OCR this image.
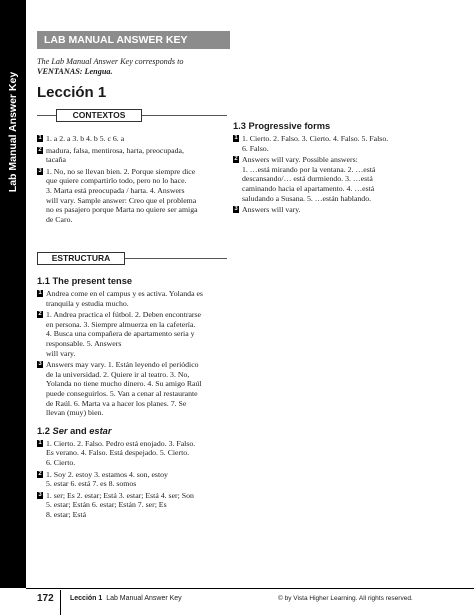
Lab Manual Answer Key
LAB MANUAL ANSWER KEY
The Lab Manual Answer Key corresponds to
VENTANAS: Lengua.
Lección 1
CONTEXTOS
1 1. a 2. a 3. b 4. b 5. c 6. a
2 madura, falsa, mentirosa, harta, preocupada,
tacaña
3 1. No, no se llevan bien. 2. Porque siempre dice
que quiere compartirlo todo, pero no lo hace.
3. Marta está preocupada / harta. 4. Answers
will vary. Sample answer: Creo que el problema
no es pasajero porque Marta no quiere ser amiga
de Caro.
ESTRUCTURA
1.1 The present tense
1 Andrea come en el campus y es activa. Yolanda es
tranquila y estudia mucho.
2 1. Andrea practica el fútbol. 2. Deben encontrarse
en persona. 3. Siempre almuerza en la cafetería.
4. Busca una compañera de apartamento seria y
responsable. 5. Answers
will vary.
3 Answers may vary. 1. Están leyendo el periódico
de la universidad. 2. Quiere ir al teatro. 3. No,
Yolanda no tiene mucho dinero. 4. Su amigo Raúl
puede conseguirlos. 5. Van a cenar al restaurante
de Raúl. 6. Marta va a hacer los planes. 7. Se
llevan (muy) bien.
1.2 Ser and estar
1 1. Cierto. 2. Falso. Pedro está enojado. 3. Falso.
Es verano. 4. Falso. Está despejado. 5. Cierto.
6. Cierto.
2 1. Soy 2. estoy 3. estamos 4. son, estoy
5. estar 6. está 7. es 8. somos
3 1. ser; Es 2. estar; Está 3. estar; Está 4. ser; Son
5. estar; Están 6. estar; Están 7. ser; Es
8. estar; Está
1.3 Progressive forms
1 1. Cierto. 2. Falso. 3. Cierto. 4. Falso. 5. Falso.
6. Falso.
2 Answers will vary. Possible answers:
1. …está mirando por la ventana. 2. …está
descansando/… está durmiendo. 3. …está
caminando hacia el apartamento. 4. …está
saludando a Susana. 5. …están hablando.
3 Answers will vary.
172 Lección 1 Lab Manual Answer Key	© by Vista Higher Learning. All rights reserved.
